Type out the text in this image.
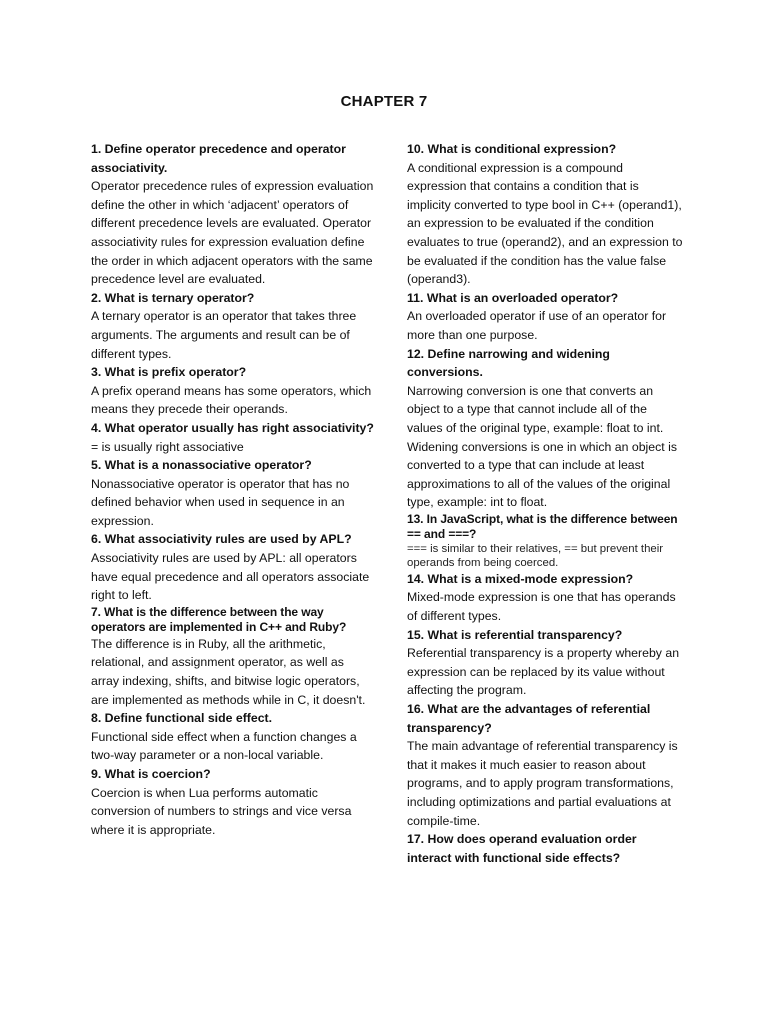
CHAPTER 7

1. Define operator precedence and operator associativity.

Operator precedence rules of expression evaluation define the other in which ‘adjacent’ operators of different precedence levels are evaluated. Operator associativity rules for expression evaluation define the order in which adjacent operators with the same precedence level are evaluated.

2. What is ternary operator?

A ternary operator is an operator that takes three arguments. The arguments and result can be of different types.

3. What is prefix operator?

A prefix operand means has some operators, which means they precede their operands.

4. What operator usually has right associativity?

= is usually right associative

5. What is a nonassociative operator?

Nonassociative operator is operator that has no defined behavior when used in sequence in an expression.

6. What associativity rules are used by APL?

Associativity rules are used by APL: all operators have equal precedence and all operators associate right to left.

7. What is the difference between the way operators are implemented in C++ and Ruby?

The difference is in Ruby, all the arithmetic, relational, and assignment operator, as well as array indexing, shifts, and bitwise logic operators, are implemented as methods while in C, it doesn't.

8. Define functional side effect.

Functional side effect when a function changes a two-way parameter or a non-local variable.

9. What is coercion?

Coercion is when Lua performs automatic conversion of numbers to strings and vice versa where it is appropriate.

10. What is conditional expression?

A conditional expression is a compound expression that contains a condition that is implicity converted to type bool in C++ (operand1), an expression to be evaluated if the condition evaluates to true (operand2), and an expression to be evaluated if the condition has the value false (operand3).

11. What is an overloaded operator?

An overloaded operator if use of an operator for more than one purpose.

12. Define narrowing and widening conversions.

Narrowing conversion is one that converts an object to a type that cannot include all of the values of the original type, example: float to int. Widening conversions is one in which an object is converted to a type that can include at least approximations to all of the values of the original type, example: int to float.

13. In JavaScript, what is the difference between == and ===?

=== is similar to their relatives, == but prevent their operands from being coerced.

14. What is a mixed-mode expression?

Mixed-mode expression is one that has operands of different types.

15. What is referential transparency?

Referential transparency is a property whereby an expression can be replaced by its value without affecting the program.

16. What are the advantages of referential transparency?

The main advantage of referential transparency is that it makes it much easier to reason about programs, and to apply program transformations, including optimizations and partial evaluations at compile-time.

17. How does operand evaluation order interact with functional side effects?
